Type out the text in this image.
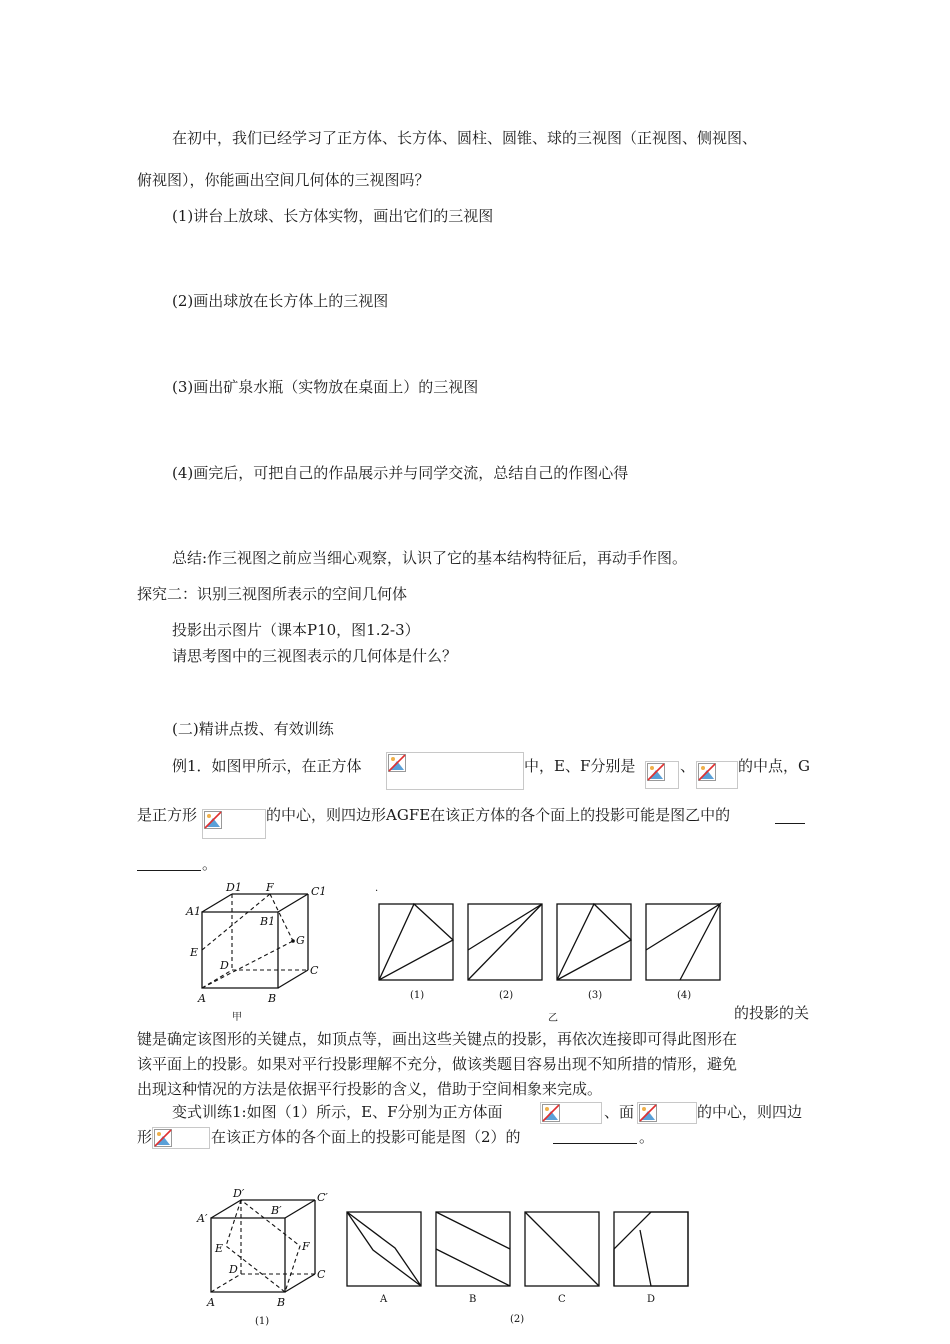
在初中，我们已经学习了正方体、长方体、圆柱、圆锥、球的三视图（正视图、侧视图、
俯视图），你能画出空间几何体的三视图吗？
(1)讲台上放球、长方体实物，画出它们的三视图
(2)画出球放在长方体上的三视图
(3)画出矿泉水瓶（实物放在桌面上）的三视图
(4)画完后，可把自己的作品展示并与同学交流，总结自己的作图心得
总结:作三视图之前应当细心观察，认识了它的基本结构特征后，再动手作图。
探究二：识别三视图所表示的空间几何体
投影出示图片（课本P10，图1.2-3）
请思考图中的三视图表示的几何体是什么？
(二)精讲点拨、有效训练
例1．如图甲所示，在正方体	中，E、F分别是	、	的中点，G
是正方形	的中心，则四边形AGFE在该正方体的各个面上的投影可能是图乙中的
。
D1 F	C1
A1
B1
G
E
D	C
A	B
甲
.
(1)	(2)	(3)	(4)
乙	的投影的关
键是确定该图形的关键点，如顶点等，画出这些关键点的投影，再依次连接即可得此图形在
该平面上的投影。如果对平行投影理解不充分，做该类题目容易出现不知所措的情形，避免
出现这种情况的方法是依据平行投影的含义，借助于空间相象来完成。
变式训练1:如图（1）所示，E、F分别为正方体面	、面	的中心，则四边
形	在该正方体的各个面上的投影可能是图（2）的	。
D′	C′
A′
B′
E	F
D	C
A	B
(1)
A	B	C	D
(2)
